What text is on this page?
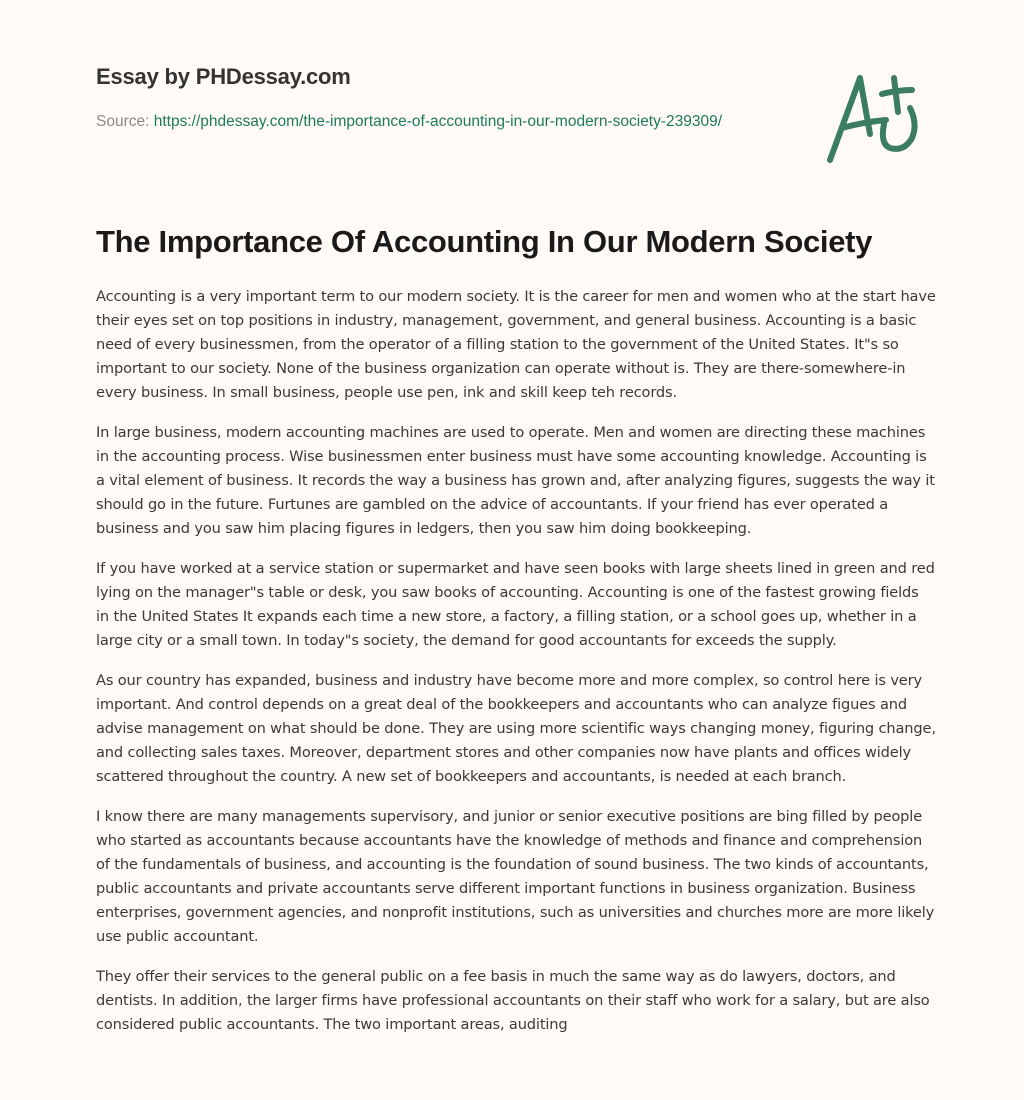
Essay by PHDessay.com
Source: https://phdessay.com/the-importance-of-accounting-in-our-modern-society-239309/
The Importance Of Accounting In Our Modern Society

Accounting is a very important term to our modern society. It is the career for men and women who at the start have their eyes set on top positions in industry, management, government, and general business. Accounting is a basic need of every businessmen, from the operator of a filling station to the government of the United States. It"s so important to our society. None of the business organization can operate without is. They are there-somewhere-in every business. In small business, people use pen, ink and skill keep teh records.

In large business, modern accounting machines are used to operate. Men and women are directing these machines in the accounting process. Wise businessmen enter business must have some accounting knowledge. Accounting is a vital element of business. It records the way a business has grown and, after analyzing figures, suggests the way it should go in the future. Furtunes are gambled on the advice of accountants. If your friend has ever operated a business and you saw him placing figures in ledgers, then you saw him doing bookkeeping.

If you have worked at a service station or supermarket and have seen books with large sheets lined in green and red lying on the manager"s table or desk, you saw books of accounting. Accounting is one of the fastest growing fields in the United States It expands each time a new store, a factory, a filling station, or a school goes up, whether in a large city or a small town. In today"s society, the demand for good accountants for exceeds the supply.

As our country has expanded, business and industry have become more and more complex, so control here is very important. And control depends on a great deal of the bookkeepers and accountants who can analyze figues and advise management on what should be done. They are using more scientific ways changing money, figuring change, and collecting sales taxes. Moreover, department stores and other companies now have plants and offices widely scattered throughout the country. A new set of bookkeepers and accountants, is needed at each branch.

I know there are many managements supervisory, and junior or senior executive positions are bing filled by people who started as accountants because accountants have the knowledge of methods and finance and comprehension of the fundamentals of business, and accounting is the foundation of sound business. The two kinds of accountants, public accountants and private accountants serve different important functions in business organization. Business enterprises, government agencies, and nonprofit institutions, such as universities and churches more are more likely use public accountant.

They offer their services to the general public on a fee basis in much the same way as do lawyers, doctors, and dentists. In addition, the larger firms have professional accountants on their staff who work for a salary, but are also considered public accountants. The two important areas, auditing
